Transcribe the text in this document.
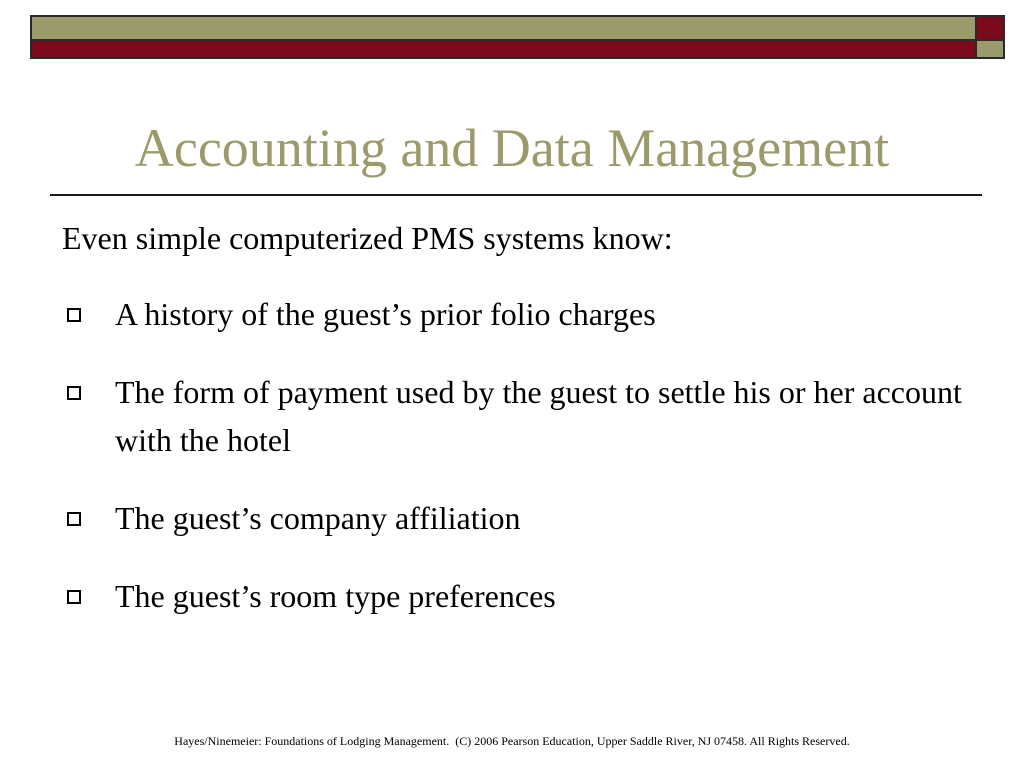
Accounting and Data Management
Even simple computerized PMS systems know:
A history of the guest’s prior folio charges
The form of payment used by the guest to settle his or her account with the hotel
The guest’s company affiliation
The guest’s room type preferences
Hayes/Ninemeier: Foundations of Lodging Management.  (C) 2006 Pearson Education, Upper Saddle River, NJ 07458. All Rights Reserved.
